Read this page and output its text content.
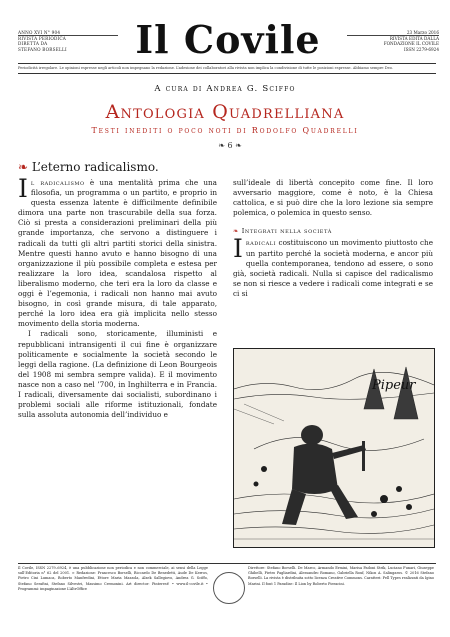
ANNO XVI N° 904
RIVISTA PERIODICA
DIRETTA DA
STEFANO BORSELLI	Il Covile	23 Marzo 2016
RIVISTA EDITA DALLA
FONDAZIONE IL COVILE
ISSN 2279-6924
Periodicità irregolare. Le opinioni espresse negli articoli non impegnano la redazione. L’adesione dei collaboratori alla rivista non implica la condivisione di tutte le posizioni espresse. Abbiamo sempre Deo.
A cura di Andrea G. Sciffo
Antologia Quadrelliana
Testi inediti o poco noti di Rodolfo Quadrelli
❧ 6 ❧
❧ L’eterno radicalismo.

Il radicalismo è una mentalità prima che una filosofia, un programma o un partito, e proprio in questa essenza latente è difficilmente definibile dimora una parte non trascurabile della sua forza. Ciò si presta a considerazioni preliminari della più grande importanza, che servono a distinguere i radicali da tutti gli altri partiti storici della sinistra. Mentre questi hanno avuto e hanno bisogno di una organizzazione il più possibile completa e estesa per realizzare la loro idea, scandalosa rispetto al liberalismo moderno, che teri era la loro da classe e oggi è l’egemonia, i radicali non hanno mai avuto bisogno, in così grande misura, di tale apparato, perché la loro idea era già implicita nello stesso movimento della storia moderna.

I radicali sono, storicamente, illuministi e repubblicani intransigenti il cui fine è organizzare politicamente e socialmente la società secondo le leggi della ragione. (La definizione di Leon Bourgeois del 1908 mi sembra sempre valida). E il movimento nasce non a caso nel ’700, in Inghilterra e in Francia. I radicali, diversamente dai socialisti, subordinano i problemi sociali alle riforme istituzionali, fondate sulla assoluta autonomia dell’individuo e

sull’ideale di libertà concepito come fine. Il loro avversario maggiore, come è noto, è la Chiesa cattolica, e si può dire che la loro lezione sia sempre polemica, o polemica in questo senso.

❧ Integrati nella società

Iradicali costituiscono un movimento piuttosto che un partito perché la società moderna, e ancor più quella contemporanea, tendono ad essere, o sono già, società radicali. Nulla si capisce del radicalismo se non si riesce a vedere i radicali come integrati e se ci si

Pipeur
Il Covile, ISSN 2279–6924, è una pubblicazione non periodica e non commerciale, ai sensi della Legge sull’Editoria n° 62 del 2001. ∞ Redazione: Francesco Borselli, Riccardo De Benedetti, Aude De Kerros, Pietro Cini Lumaca, Roberto Manfredini, Ettore Maria Mazzola, Alzek Sallegiovo, Andrea G. Sciffo, Stefano Serafini, Stefano Silvestri, Massimo Cremonini. Art director: Pinterest! • www.il-covile.it • Programmi: impaginazione L’AltrOffice
Direttore: Stefano Borselli. De Marco, Armando Ermini, Marisa Fadoni Strik, Luciano Funari, Giuseppe Ghibelli, Pietro Pagliardini, Alessandro Romano, Gabriella Rouf, Nikos A. Salingaros. © 2016 Stefano Borselli. La rivista è distribuita sotto licenza Creative Commons. Caratteri: Fell Types realizzati da Igino Marini. Il font 1 Paradise: Il Lion by Roberto Pieracini.
